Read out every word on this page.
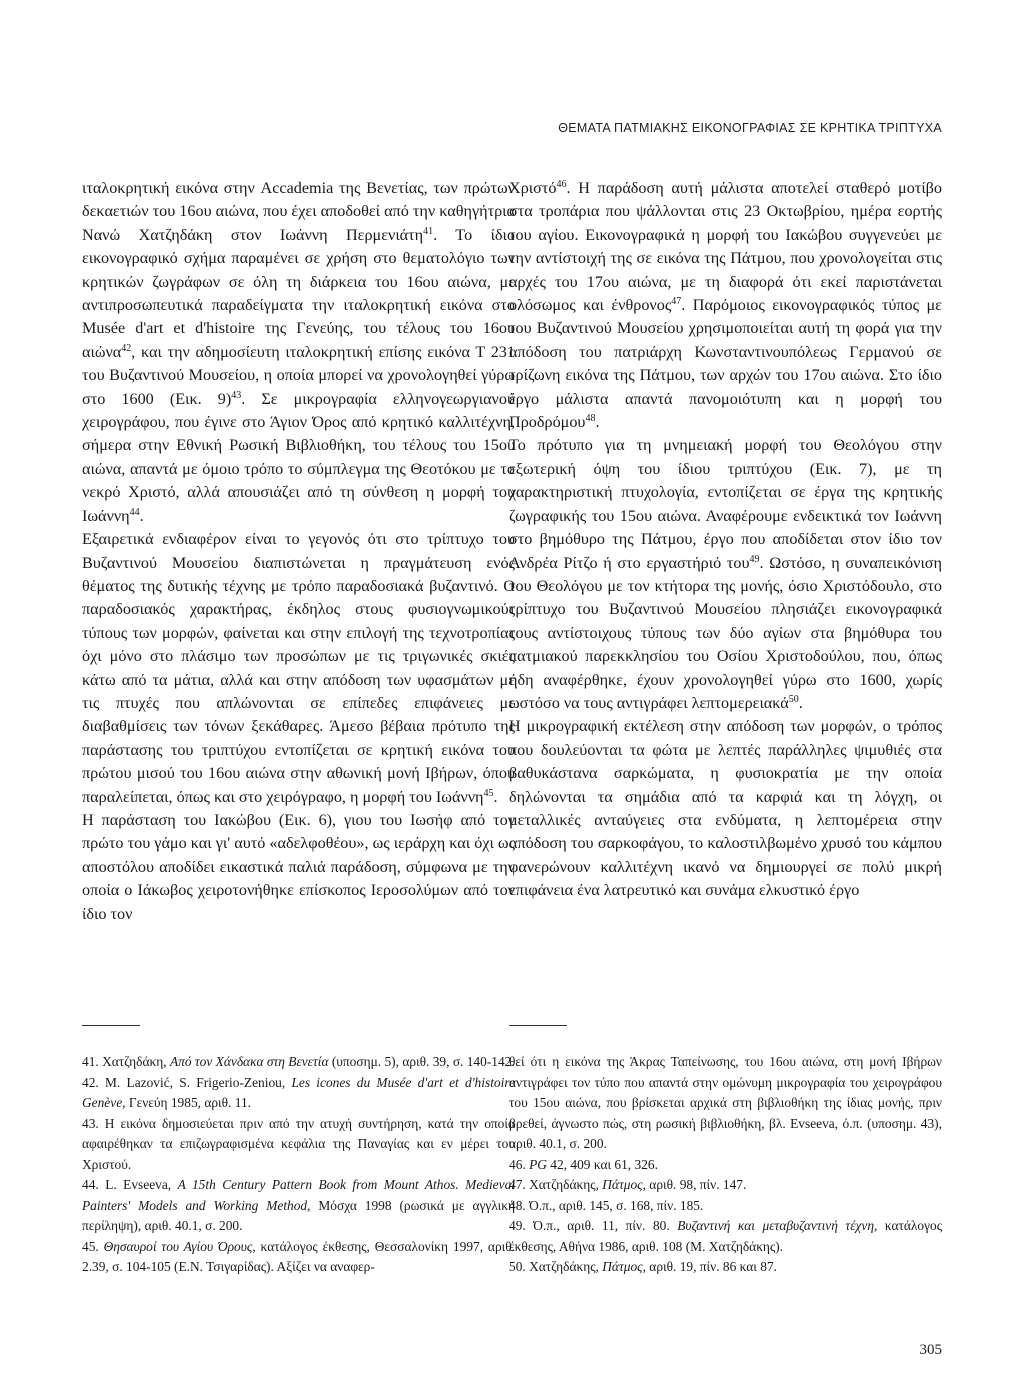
ΘΕΜΑΤΑ ΠΑΤΜΙΑΚΗΣ ΕΙΚΟΝΟΓΡΑΦΙΑΣ ΣΕ ΚΡΗΤΙΚΑ ΤΡΙΠΤΥΧΑ

ιταλοκρητική εικόνα στην Accademia της Βενετίας, των πρώτων δεκαετιών του 16ου αιώνα, που έχει αποδοθεί από την καθηγήτρια Νανώ Χατζηδάκη στον Ιωάννη Περμενιάτη$^{41}$. Το ίδιο εικονογραφικό σχήμα παραμένει σε χρήση στο θεματολόγιο των κρητικών ζωγράφων σε όλη τη διάρκεια του 16ου αιώνα, με αντιπροσωπευτικά παραδείγματα την ιταλοκρητική εικόνα στο Musée d'art et d'histoire της Γενεύης, του τέλους του 16ου αιώνα$^{42}$, και την αδημοσίευτη ιταλοκρητική επίσης εικόνα Τ 231 του Βυζαντινού Μουσείου, η οποία μπορεί να χρονολογηθεί γύρω στο 1600 (Εικ. 9)$^{43}$. Σε μικρογραφία ελληνογεωργιανού χειρογράφου, που έγινε στο Άγιον Όρος από κρητικό καλλιτέχνη, σήμερα στην Εθνική Ρωσική Βιβλιοθήκη, του τέλους του 15ου αιώνα, απαντά με όμοιο τρόπο το σύμπλεγμα της Θεοτόκου με το νεκρό Χριστό, αλλά απουσιάζει από τη σύνθεση η μορφή του Ιωάννη$^{44}$.

Εξαιρετικά ενδιαφέρον είναι το γεγονός ότι στο τρίπτυχο του Βυζαντινού Μουσείου διαπιστώνεται η πραγμάτευση ενός θέματος της δυτικής τέχνης με τρόπο παραδοσιακά βυζαντινό. Ο παραδοσιακός χαρακτήρας, έκδηλος στους φυσιογνωμικούς τύπους των μορφών, φαίνεται και στην επιλογή της τεχνοτροπίας όχι μόνο στο πλάσιμο των προσώπων με τις τριγωνικές σκιές κάτω από τα μάτια, αλλά και στην απόδοση των υφασμάτων με τις πτυχές που απλώνονται σε επίπεδες επιφάνειες με διαβαθμίσεις των τόνων ξεκάθαρες. Άμεσο βέβαια πρότυπο της παράστασης του τριπτύχου εντοπίζεται σε κρητική εικόνα του πρώτου μισού του 16ου αιώνα στην αθωνική μονή Ιβήρων, όπου παραλείπεται, όπως και στο χειρόγραφο, η μορφή του Ιωάννη$^{45}$.

Η παράσταση του Ιακώβου (Εικ. 6), γιου του Ιωσήφ από τον πρώτο του γάμο και γι' αυτό «αδελφοθέου», ως ιεράρχη και όχι ως αποστόλου αποδίδει εικαστικά παλιά παράδοση, σύμφωνα με την οποία ο Ιάκωβος χειροτονήθηκε επίσκοπος Ιεροσολύμων από τον ίδιο τον

Χριστό$^{46}$. Η παράδοση αυτή μάλιστα αποτελεί σταθερό μοτίβο στα τροπάρια που ψάλλονται στις 23 Οκτωβρίου, ημέρα εορτής του αγίου. Εικονογραφικά η μορφή του Ιακώβου συγγενεύει με την αντίστοιχή της σε εικόνα της Πάτμου, που χρονολογείται στις αρχές του 17ου αιώνα, με τη διαφορά ότι εκεί παριστάνεται ολόσωμος και ένθρονος$^{47}$. Παρόμοιος εικονογραφικός τύπος με του Βυζαντινού Μουσείου χρησιμοποιείται αυτή τη φορά για την απόδοση του πατριάρχη Κωνσταντινουπόλεως Γερμανού σε τρίζωνη εικόνα της Πάτμου, των αρχών του 17ου αιώνα. Στο ίδιο έργο μάλιστα απαντά πανομοιότυπη και η μορφή του Προδρόμου$^{48}$.

Το πρότυπο για τη μνημειακή μορφή του Θεολόγου στην εξωτερική όψη του ίδιου τριπτύχου (Εικ. 7), με τη χαρακτηριστική πτυχολογία, εντοπίζεται σε έργα της κρητικής ζωγραφικής του 15ου αιώνα. Αναφέρουμε ενδεικτικά τον Ιωάννη στο βημόθυρο της Πάτμου, έργο που αποδίδεται στον ίδιο τον Ανδρέα Ρίτζο ή στο εργαστήριό του$^{49}$. Ωστόσο, η συναπεικόνιση του Θεολόγου με τον κτήτορα της μονής, όσιο Χριστόδουλο, στο τρίπτυχο του Βυζαντινού Μουσείου πλησιάζει εικονογραφικά τους αντίστοιχους τύπους των δύο αγίων στα βημόθυρα του πατμιακού παρεκκλησίου του Οσίου Χριστοδούλου, που, όπως ήδη αναφέρθηκε, έχουν χρονολογηθεί γύρω στο 1600, χωρίς ωστόσο να τους αντιγράφει λεπτομερειακά$^{50}$.

Η μικρογραφική εκτέλεση στην απόδοση των μορφών, ο τρόπος που δουλεύονται τα φώτα με λεπτές παράλληλες ψιμυθιές στα βαθυκάστανα σαρκώματα, η φυσιοκρατία με την οποία δηλώνονται τα σημάδια από τα καρφιά και τη λόγχη, οι μεταλλικές ανταύγειες στα ενδύματα, η λεπτομέρεια στην απόδοση του σαρκοφάγου, το καλοστιλβωμένο χρυσό του κάμπου φανερώνουν καλλιτέχνη ικανό να δημιουργεί σε πολύ μικρή επιφάνεια ένα λατρευτικό και συνάμα ελκυστικό έργο

41. Χατζηδάκη, Από τον Χάνδακα στη Βενετία (υποσημ. 5), αριθ. 39, σ. 140-142.

42. M. Lazović, S. Frigerio-Zeniou, Les icones du Musée d'art et d'histoire Genève, Γενεύη 1985, αριθ. 11.

43. Η εικόνα δημοσιεύεται πριν από την ατυχή συντήρηση, κατά την οποία αφαιρέθηκαν τα επιζωγραφισμένα κεφάλια της Παναγίας και εν μέρει του Χριστού.

44. L. Evseeva, A 15th Century Pattern Book from Mount Athos. Medieval Painters' Models and Working Method, Μόσχα 1998 (ρωσικά με αγγλική περίληψη), αριθ. 40.1, σ. 200.

45. Θησαυροί του Αγίου Όρους, κατάλογος έκθεσης, Θεσσαλονίκη 1997, αριθ. 2.39, σ. 104-105 (Ε.Ν. Τσιγαρίδας). Αξίζει να αναφερ-

θεί ότι η εικόνα της Άκρας Ταπείνωσης, του 16ου αιώνα, στη μονή Ιβήρων αντιγράφει τον τύπο που απαντά στην ομώνυμη μικρογραφία του χειρογράφου του 15ου αιώνα, που βρίσκεται αρχικά στη βιβλιοθήκη της ίδιας μονής, πριν βρεθεί, άγνωστο πώς, στη ρωσική βιβλιοθήκη, βλ. Evseeva, ό.π. (υποσημ. 43), αριθ. 40.1, σ. 200.

46. PG 42, 409 και 61, 326.

47. Χατζηδάκης, Πάτμος, αριθ. 98, πίν. 147.

48. Ό.π., αριθ. 145, σ. 168, πίν. 185.

49. Ό.π., αριθ. 11, πίν. 80. Βυζαντινή και μεταβυζαντινή τέχνη, κατάλογος έκθεσης, Αθήνα 1986, αριθ. 108 (Μ. Χατζηδάκης).

50. Χατζηδάκης, Πάτμος, αριθ. 19, πίν. 86 και 87.

305
